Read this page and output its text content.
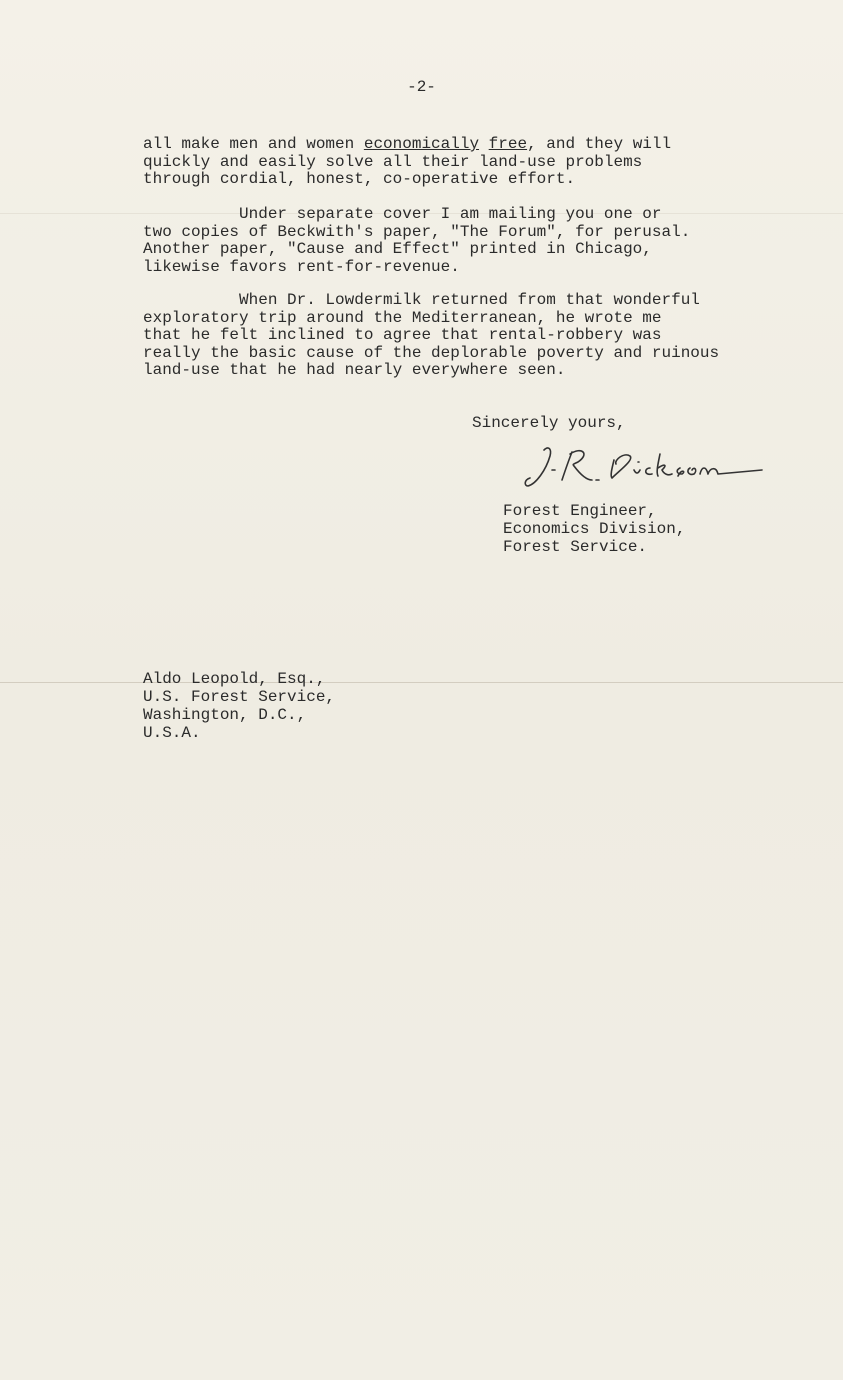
-2-
all make men and women economically free, and they will
quickly and easily solve all their land-use problems
through cordial, honest, co-operative effort.
Under separate cover I am mailing you one or
two copies of Beckwith's paper, "The Forum", for perusal.
Another paper, "Cause and Effect" printed in Chicago,
likewise favors rent-for-revenue.
When Dr. Lowdermilk returned from that wonderful
exploratory trip around the Mediterranean, he wrote me
that he felt inclined to agree that rental-robbery was
really the basic cause of the deplorable poverty and ruinous
land-use that he had nearly everywhere seen.
Sincerely yours,
Forest Engineer,
Economics Division,
Forest Service.
Aldo Leopold, Esq.,
U.S. Forest Service,
Washington, D.C.,
U.S.A.
